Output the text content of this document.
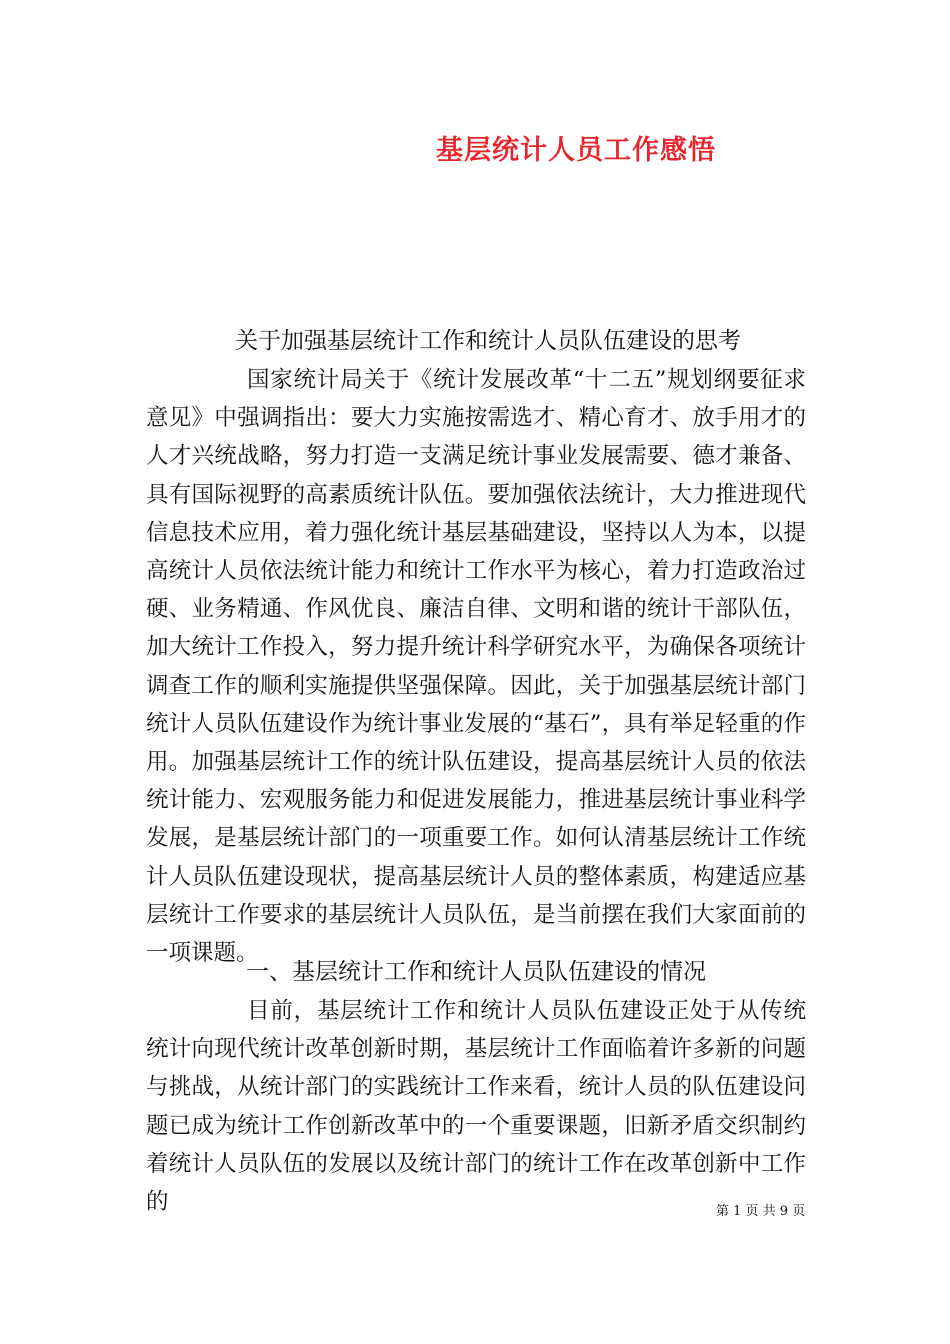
基层统计人员工作感悟
关于加强基层统计工作和统计人员队伍建设的思考

国家统计局关于《统计发展改革“十二五”规划纲要征求意见》中强调指出：要大力实施按需选才、精心育才、放手用才的人才兴统战略，努力打造一支满足统计事业发展需要、德才兼备、具有国际视野的高素质统计队伍。要加强依法统计，大力推进现代信息技术应用，着力强化统计基层基础建设，坚持以人为本，以提高统计人员依法统计能力和统计工作水平为核心，着力打造政治过硬、业务精通、作风优良、廉洁自律、文明和谐的统计干部队伍，加大统计工作投入，努力提升统计科学研究水平，为确保各项统计调查工作的顺利实施提供坚强保障。因此，关于加强基层统计部门统计人员队伍建设作为统计事业发展的“基石”，具有举足轻重的作用。加强基层统计工作的统计队伍建设，提高基层统计人员的依法统计能力、宏观服务能力和促进发展能力，推进基层统计事业科学发展，是基层统计部门的一项重要工作。如何认清基层统计工作统计人员队伍建设现状，提高基层统计人员的整体素质，构建适应基层统计工作要求的基层统计人员队伍，是当前摆在我们大家面前的一项课题。

一、基层统计工作和统计人员队伍建设的情况

目前，基层统计工作和统计人员队伍建设正处于从传统统计向现代统计改革创新时期，基层统计工作面临着许多新的问题与挑战，从统计部门的实践统计工作来看，统计人员的队伍建设问题已成为统计工作创新改革中的一个重要课题，旧新矛盾交织制约着统计人员队伍的发展以及统计部门的统计工作在改革创新中工作的	第 1 页 共 9 页
